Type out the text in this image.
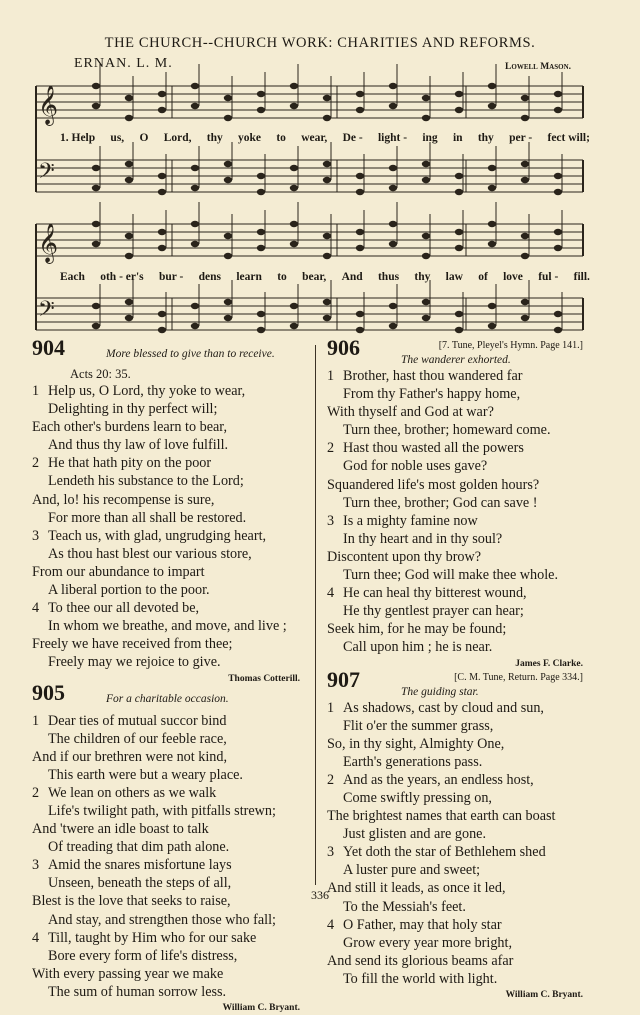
THE CHURCH--CHURCH WORK: CHARITIES AND REFORMS.
ERNAN. L. M.	Lowell Mason.
𝄞
𝄢
𝄞
𝄢
1. Help us, O Lord, thy yoke to wear, De - light - ing in thy per - fect will;
Each oth - er's bur - dens learn to bear, And thus thy law of love ful - fill.
904	More blessed to give than to receive.
Acts 20: 35.
1 Help us, O Lord, thy yoke to wear,
Delighting in thy perfect will;
Each other's burdens learn to bear,
And thus thy law of love fulfill.
2 He that hath pity on the poor
Lendeth his substance to the Lord;
And, lo! his recompense is sure,
For more than all shall be restored.
3 Teach us, with glad, ungrudging heart,
As thou hast blest our various store,
From our abundance to impart
A liberal portion to the poor.
4 To thee our all devoted be,
In whom we breathe, and move, and live ;
Freely we have received from thee;
Freely may we rejoice to give.
Thomas Cotterill.
905	For a charitable occasion.
1 Dear ties of mutual succor bind
The children of our feeble race,
And if our brethren were not kind,
This earth were but a weary place.
2 We lean on others as we walk
Life's twilight path, with pitfalls strewn;
And 'twere an idle boast to talk
Of treading that dim path alone.
3 Amid the snares misfortune lays
Unseen, beneath the steps of all,
Blest is the love that seeks to raise,
And stay, and strengthen those who fall;
4 Till, taught by Him who for our sake
Bore every form of life's distress,
With every passing year we make
The sum of human sorrow less.
William C. Bryant.
906	[7. Tune, Pleyel's Hymn. Page 141.]
The wanderer exhorted.
1 Brother, hast thou wandered far
From thy Father's happy home,
With thyself and God at war?
Turn thee, brother; homeward come.
2 Hast thou wasted all the powers
God for noble uses gave?
Squandered life's most golden hours?
Turn thee, brother; God can save !
3 Is a mighty famine now
In thy heart and in thy soul?
Discontent upon thy brow?
Turn thee; God will make thee whole.
4 He can heal thy bitterest wound,
He thy gentlest prayer can hear;
Seek him, for he may be found;
Call upon him ; he is near.
James F. Clarke.
907	[C. M. Tune, Return. Page 334.]
The guiding star.
1 As shadows, cast by cloud and sun,
Flit o'er the summer grass,
So, in thy sight, Almighty One,
Earth's generations pass.
2 And as the years, an endless host,
Come swiftly pressing on,
The brightest names that earth can boast
Just glisten and are gone.
3 Yet doth the star of Bethlehem shed
A luster pure and sweet;
And still it leads, as once it led,
To the Messiah's feet.
4 O Father, may that holy star
Grow every year more bright,
And send its glorious beams afar
To fill the world with light.
William C. Bryant.
336
